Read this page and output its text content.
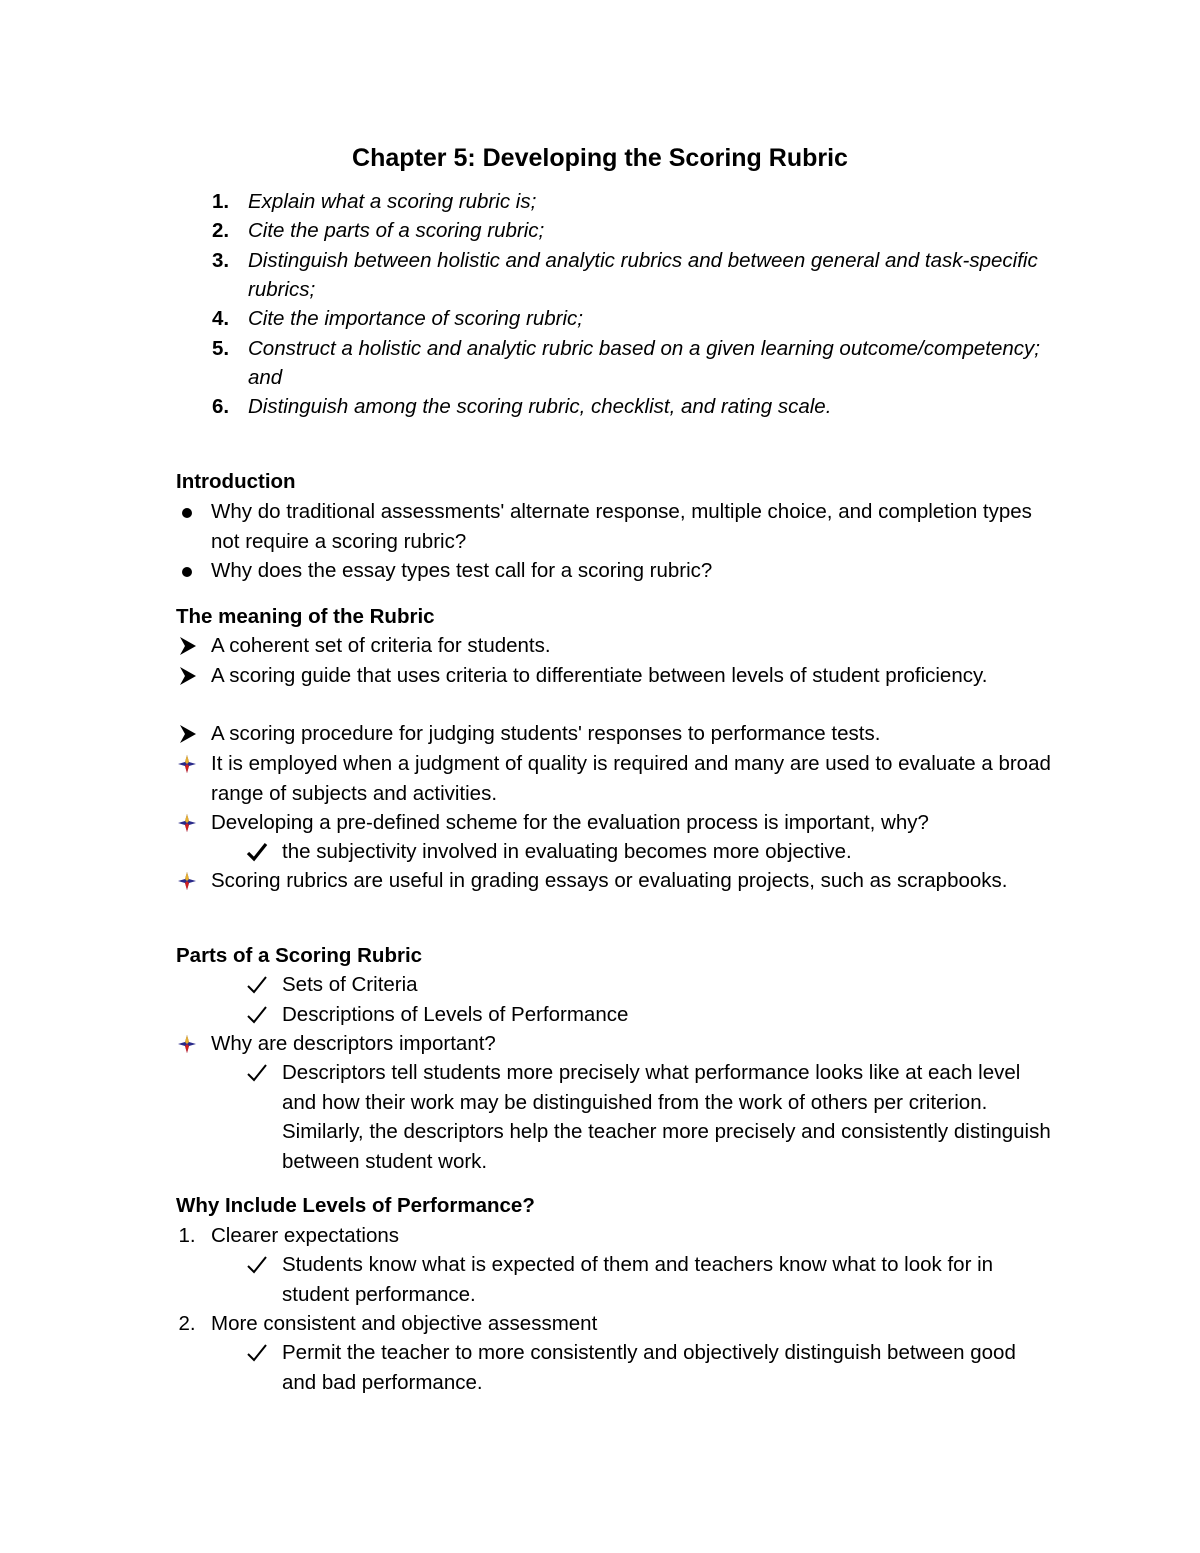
Chapter 5: Developing the Scoring Rubric
1. Explain what a scoring rubric is;
2. Cite the parts of a scoring rubric;
3. Distinguish between holistic and analytic rubrics and between general and task-specific rubrics;
4. Cite the importance of scoring rubric;
5. Construct a holistic and analytic rubric based on a given learning outcome/competency; and
6. Distinguish among the scoring rubric, checklist, and rating scale.
Introduction
Why do traditional assessments' alternate response, multiple choice, and completion types not require a scoring rubric?
Why does the essay types test call for a scoring rubric?
The meaning of the Rubric
A coherent set of criteria for students.
A scoring guide that uses criteria to differentiate between levels of student proficiency.
A scoring procedure for judging students' responses to performance tests.
It is employed when a judgment of quality is required and many are used to evaluate a broad range of subjects and activities.
Developing a pre-defined scheme for the evaluation process is important, why?
the subjectivity involved in evaluating becomes more objective.
Scoring rubrics are useful in grading essays or evaluating projects, such as scrapbooks.
Parts of a Scoring Rubric
Sets of Criteria
Descriptions of Levels of Performance
Why are descriptors important?
Descriptors tell students more precisely what performance looks like at each level and how their work may be distinguished from the work of others per criterion. Similarly, the descriptors help the teacher more precisely and consistently distinguish between student work.
Why Include Levels of Performance?
1. Clearer expectations
Students know what is expected of them and teachers know what to look for in student performance.
2. More consistent and objective assessment
Permit the teacher to more consistently and objectively distinguish between good and bad performance.
